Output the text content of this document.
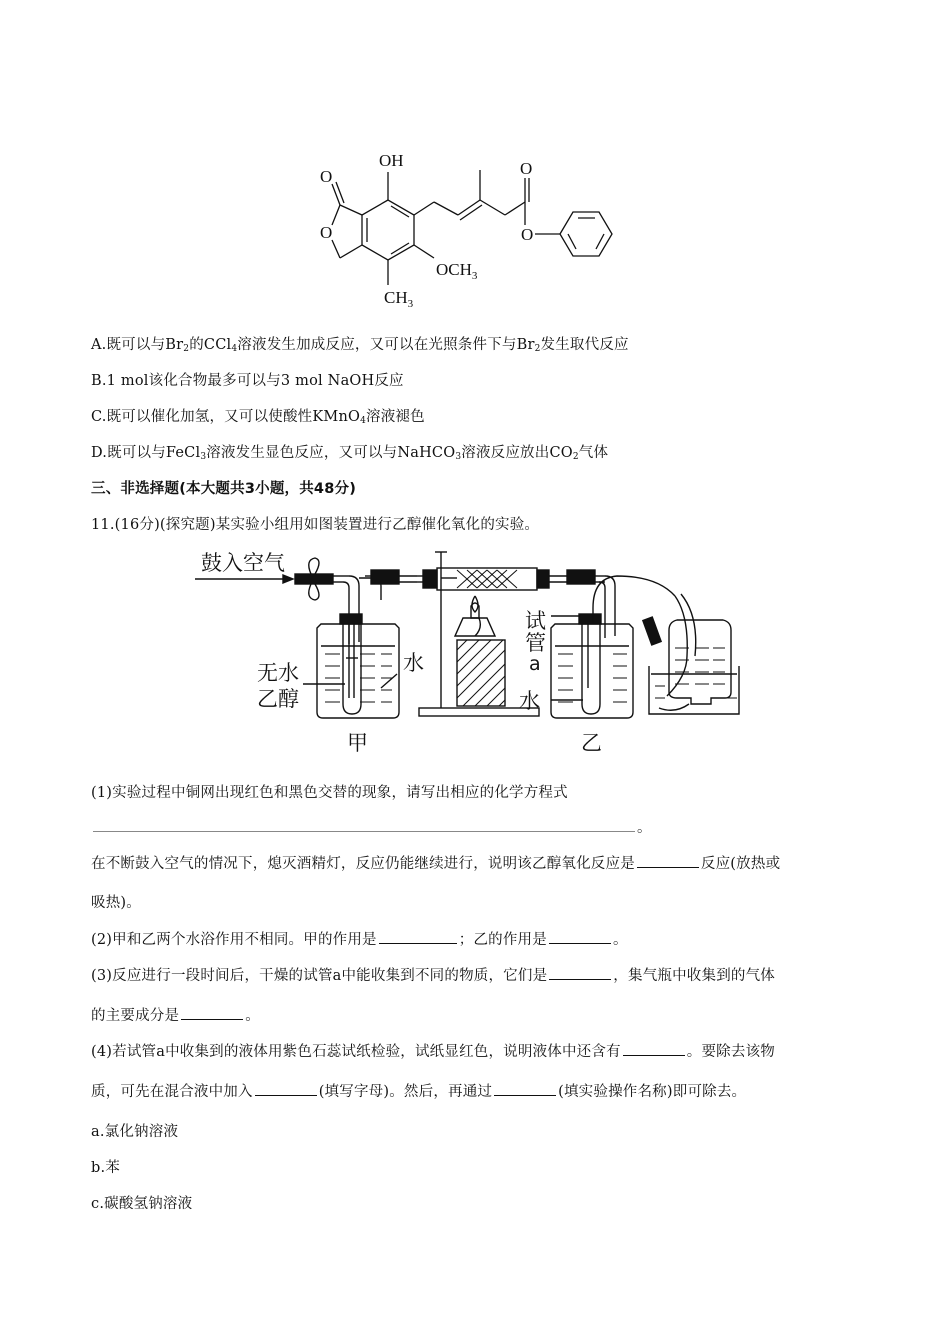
OH
O
O
$OCH_3$
$CH_3$
O
O
A.既可以与$Br_2$的CCl$_4$溶液发生加成反应，又可以在光照条件下与$Br_2$发生取代反应
B.1 mol该化合物最多可以与3 mol NaOH反应
C.既可以催化加氢，又可以使酸性KMnO$_4$溶液褪色
D.既可以与FeCl$_3$溶液发生显色反应，又可以与NaHCO$_3$溶液反应放出$CO_2$气体
三、非选择题(本大题共3小题，共48分)
11.(16分)(探究题)某实验小组用如图装置进行乙醇催化氧化的实验。
鼓入空气
无水
乙醇
水
试
管
a
水
甲	乙
(1)实验过程中铜网出现红色和黑色交替的现象，请写出相应的化学方程式
。
在不断鼓入空气的情况下，熄灭酒精灯，反应仍能继续进行，说明该乙醇氧化反应是	反应(放热或
吸热)。
(2)甲和乙两个水浴作用不相同。甲的作用是	；乙的作用是	。
(3)反应进行一段时间后，干燥的试管a中能收集到不同的物质，它们是	，集气瓶中收集到的气体
的主要成分是	。
(4)若试管a中收集到的液体用紫色石蕊试纸检验，试纸显红色，说明液体中还含有	。要除去该物
质，可先在混合液中加入	(填写字母)。然后，再通过	(填实验操作名称)即可除去。
a.氯化钠溶液
b.苯
c.碳酸氢钠溶液
